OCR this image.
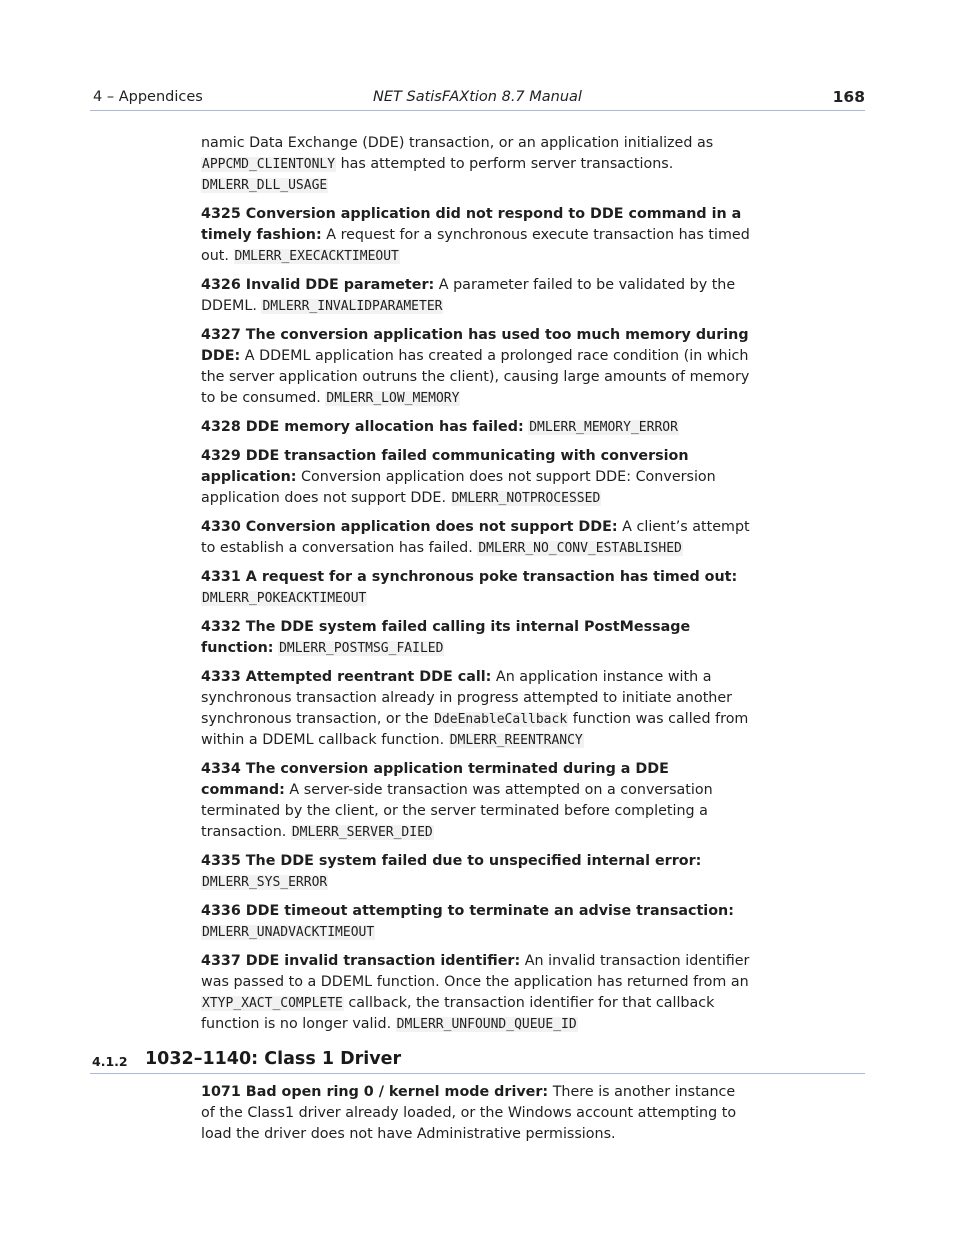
4 – Appendices	NET SatisFAXtion 8.7 Manual	168

namic Data Exchange (DDE) transaction, or an application initialized as APPCMD_CLIENTONLY has attempted to perform server transactions. DMLERR_DLL_USAGE

4325 Conversion application did not respond to DDE command in a timely fashion: A request for a synchronous execute transaction has timed out. DMLERR_EXECACKTIMEOUT

4326 Invalid DDE parameter: A parameter failed to be validated by the DDEML. DMLERR_INVALIDPARAMETER

4327 The conversion application has used too much memory during DDE: A DDEML application has created a prolonged race condition (in which the server application outruns the client), causing large amounts of memory to be consumed. DMLERR_LOW_MEMORY

4328 DDE memory allocation has failed: DMLERR_MEMORY_ERROR

4329 DDE transaction failed communicating with conversion application: Conversion application does not support DDE: Conversion application does not support DDE. DMLERR_NOTPROCESSED

4330 Conversion application does not support DDE: A client’s attempt to establish a conversation has failed. DMLERR_NO_CONV_ESTABLISHED

4331 A request for a synchronous poke transaction has timed out: DMLERR_POKEACKTIMEOUT

4332 The DDE system failed calling its internal PostMessage function: DMLERR_POSTMSG_FAILED

4333 Attempted reentrant DDE call: An application instance with a synchronous transaction already in progress attempted to initiate another synchronous transaction, or the DdeEnableCallback function was called from within a DDEML callback function. DMLERR_REENTRANCY

4334 The conversion application terminated during a DDE command: A server-side transaction was attempted on a conversation terminated by the client, or the server terminated before completing a transaction. DMLERR_SERVER_DIED

4335 The DDE system failed due to unspecified internal error: DMLERR_SYS_ERROR

4336 DDE timeout attempting to terminate an advise transaction: DMLERR_UNADVACKTIMEOUT

4337 DDE invalid transaction identifier: An invalid transaction identifier was passed to a DDEML function. Once the application has returned from an XTYP_XACT_COMPLETE callback, the transaction identifier for that callback function is no longer valid. DMLERR_UNFOUND_QUEUE_ID

4.1.2 1032–1140: Class 1 Driver

1071 Bad open ring 0 / kernel mode driver: There is another instance of the Class1 driver already loaded, or the Windows account attempting to load the driver does not have Administrative permissions.
